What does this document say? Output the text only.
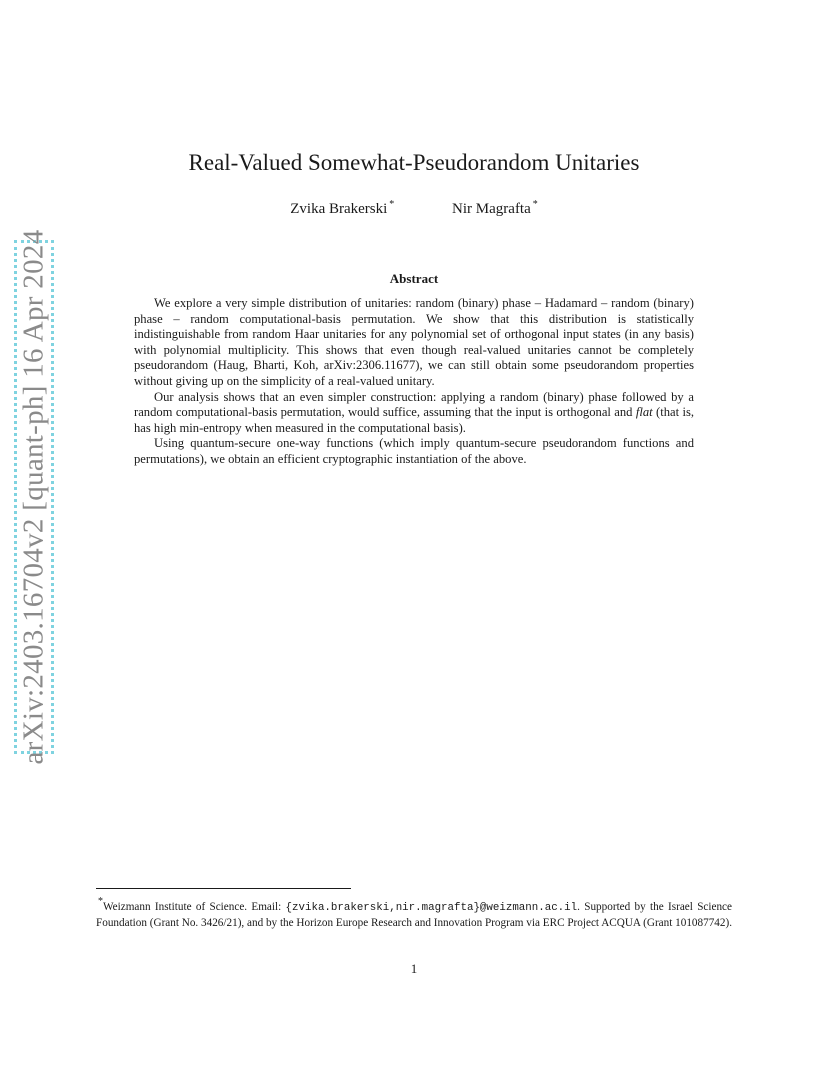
arXiv:2403.16704v2 [quant-ph] 16 Apr 2024
Real-Valued Somewhat-Pseudorandom Unitaries
Zvika Brakerski *	Nir Magrafta *
Abstract

We explore a very simple distribution of unitaries: random (binary) phase – Hadamard – random (binary) phase – random computational-basis permutation. We show that this distribution is statistically indistinguishable from random Haar unitaries for any polynomial set of orthogonal input states (in any basis) with polynomial multiplicity. This shows that even though real-valued unitaries cannot be completely pseudorandom (Haug, Bharti, Koh, arXiv:2306.11677), we can still obtain some pseudorandom properties without giving up on the simplicity of a real-valued unitary.

Our analysis shows that an even simpler construction: applying a random (binary) phase followed by a random computational-basis permutation, would suffice, assuming that the input is orthogonal and flat (that is, has high min-entropy when measured in the computational basis).

Using quantum-secure one-way functions (which imply quantum-secure pseudorandom functions and permutations), we obtain an efficient cryptographic instantiation of the above.

*Weizmann Institute of Science. Email: {zvika.brakerski,nir.magrafta}@weizmann.ac.il. Supported by the Israel Science Foundation (Grant No. 3426/21), and by the Horizon Europe Research and Innovation Program via ERC Project ACQUA (Grant 101087742).
1
